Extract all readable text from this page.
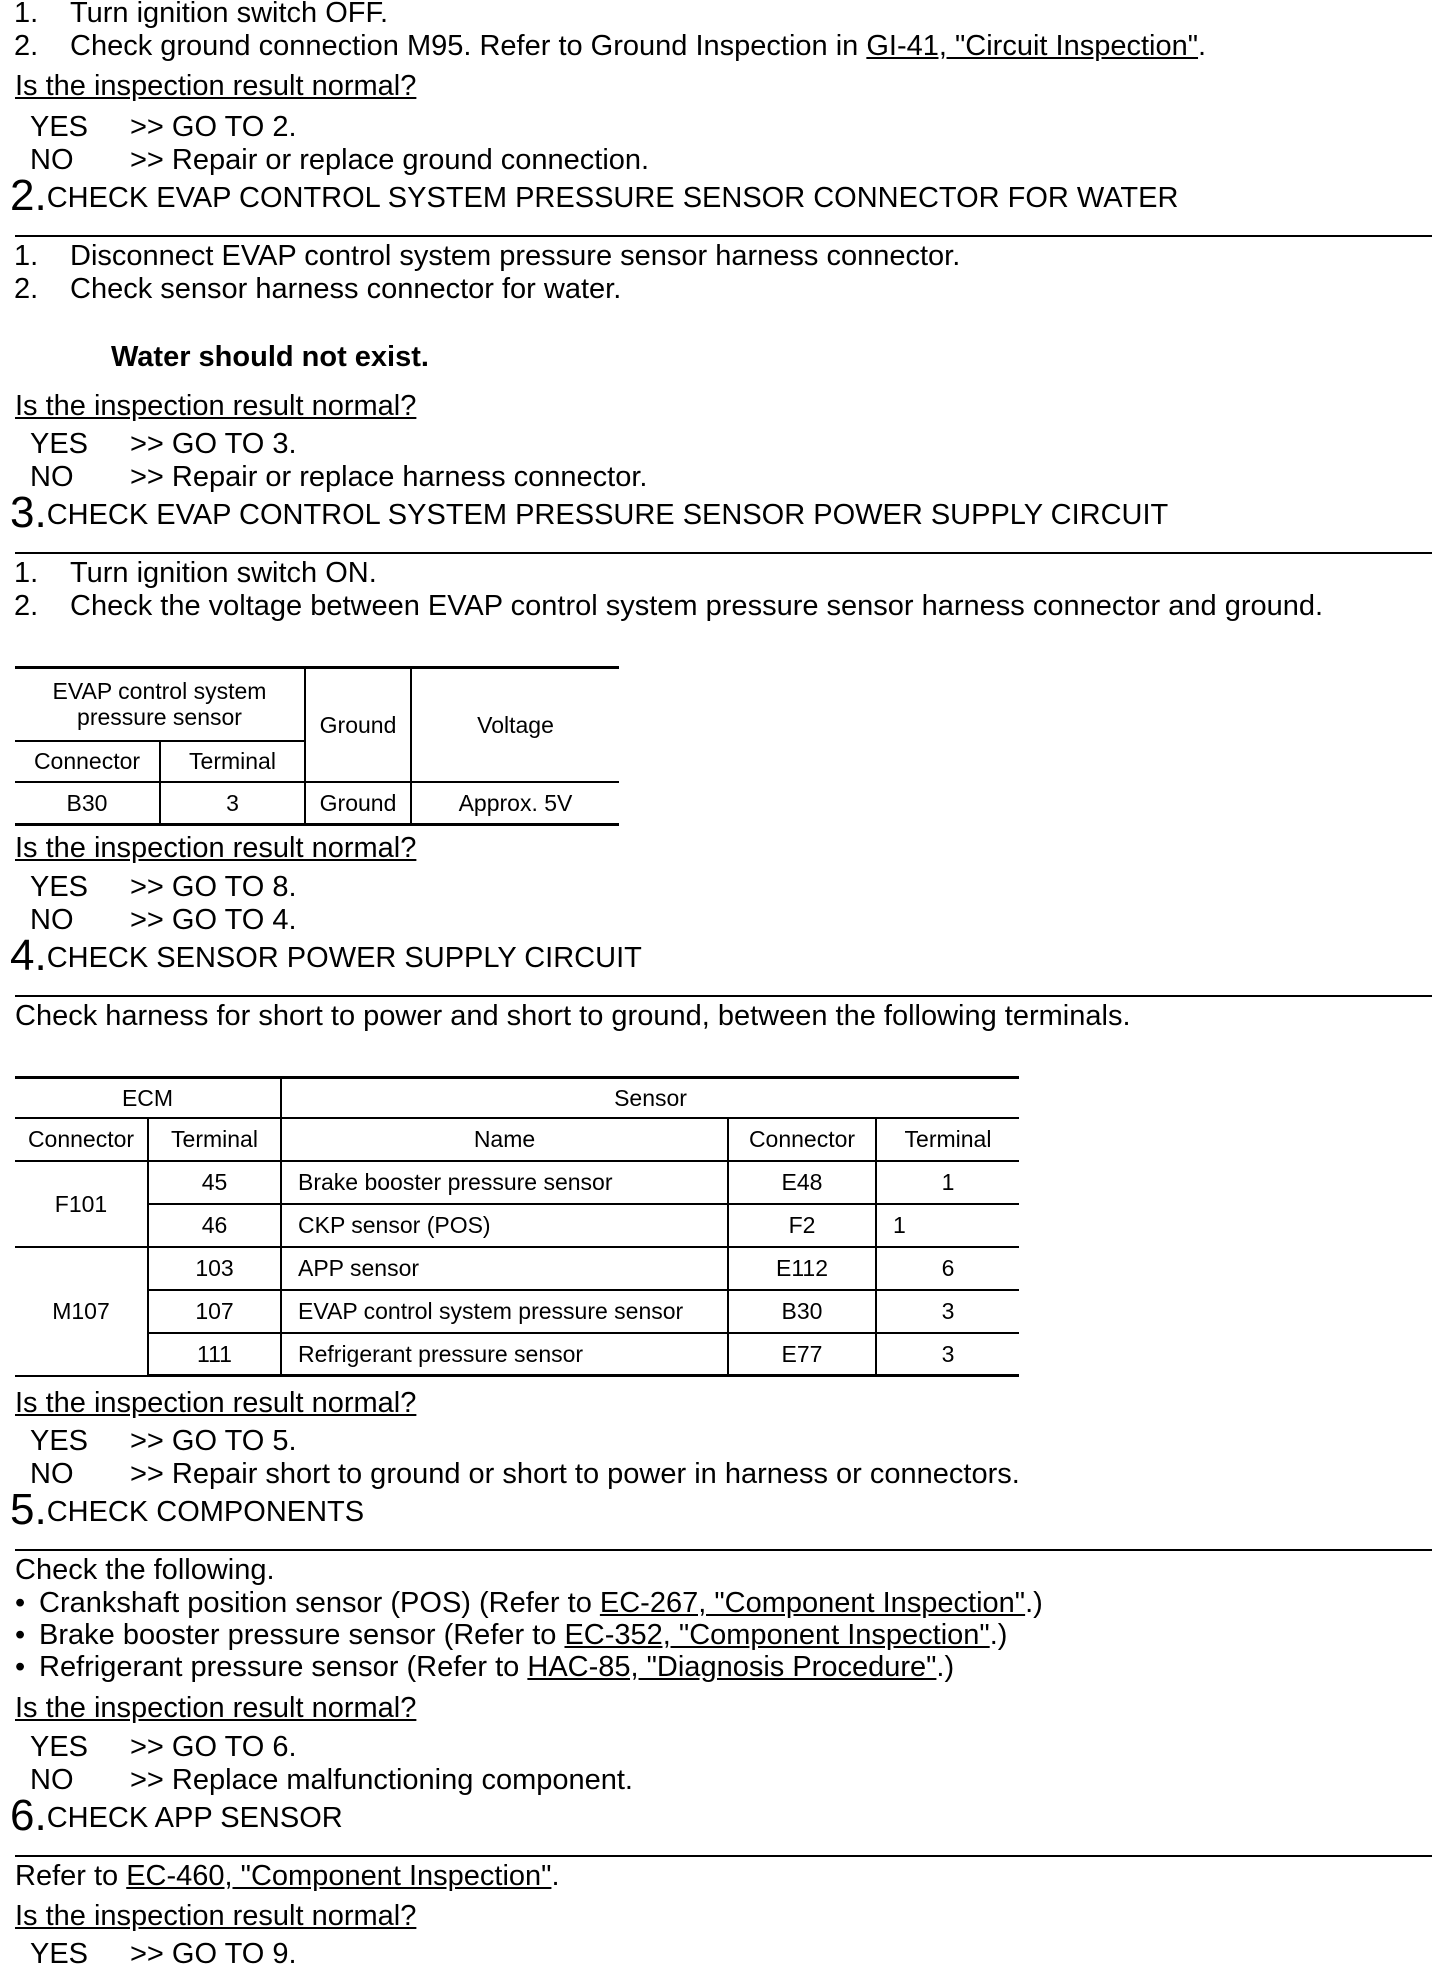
1. Turn ignition switch OFF.
2. Check ground connection M95. Refer to Ground Inspection in GI-41, "Circuit Inspection".
Is the inspection result normal?
YES >> GO TO 2.
NO >> Repair or replace ground connection.
2.CHECK EVAP CONTROL SYSTEM PRESSURE SENSOR CONNECTOR FOR WATER
1. Disconnect EVAP control system pressure sensor harness connector.
2. Check sensor harness connector for water.
Water should not exist.
Is the inspection result normal?
YES >> GO TO 3.
NO >> Repair or replace harness connector.
3.CHECK EVAP CONTROL SYSTEM PRESSURE SENSOR POWER SUPPLY CIRCUIT
1. Turn ignition switch ON.
2. Check the voltage between EVAP control system pressure sensor harness connector and ground.
EVAP control system
pressure sensor		Ground	Voltage
Connector	Terminal		
B30	3	Ground	Approx. 5V
Is the inspection result normal?
YES >> GO TO 8.
NO >> GO TO 4.
4.CHECK SENSOR POWER SUPPLY CIRCUIT
Check harness for short to power and short to ground, between the following terminals.
ECM		Sensor		
Connector	Terminal	Name	Connector	Terminal
F101	45	Brake booster pressure sensor	E48	1
	46	CKP sensor (POS)	F2	1
M107	103	APP sensor	E112	6
	107	EVAP control system pressure sensor	B30	3
	111	Refrigerant pressure sensor	E77	3
Is the inspection result normal?
YES >> GO TO 5.
NO >> Repair short to ground or short to power in harness or connectors.
5.CHECK COMPONENTS
Check the following.
• Crankshaft position sensor (POS) (Refer to EC-267, "Component Inspection".)
• Brake booster pressure sensor (Refer to EC-352, "Component Inspection".)
• Refrigerant pressure sensor (Refer to HAC-85, "Diagnosis Procedure".)
Is the inspection result normal?
YES >> GO TO 6.
NO >> Replace malfunctioning component.
6.CHECK APP SENSOR
Refer to EC-460, "Component Inspection".
Is the inspection result normal?
YES >> GO TO 9.
